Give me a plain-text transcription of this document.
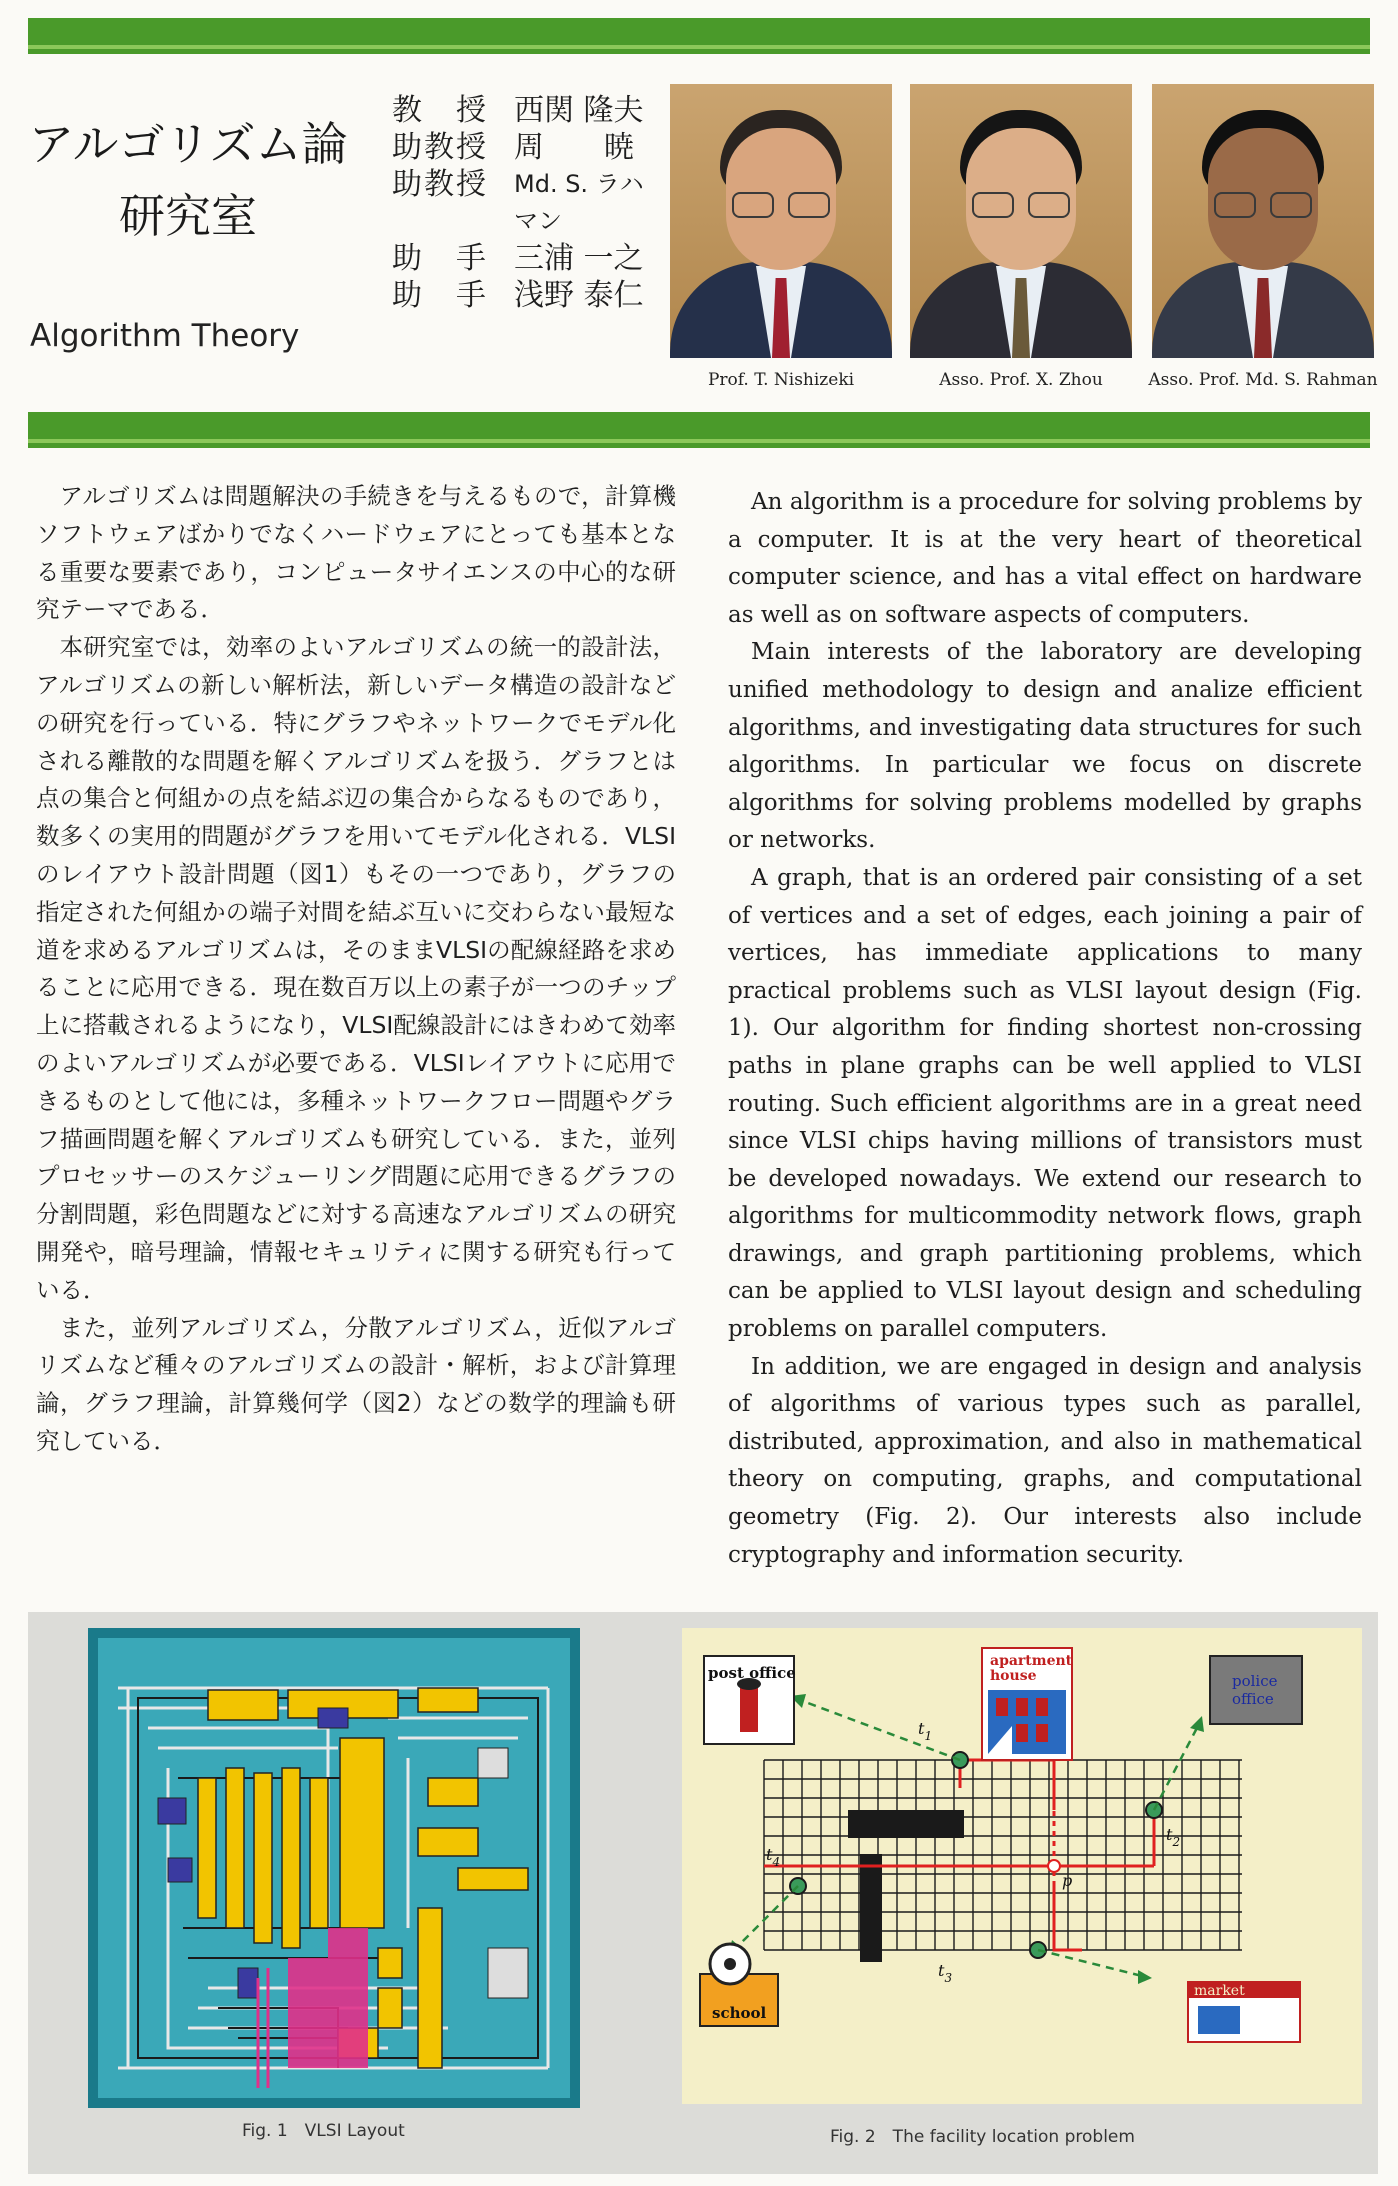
アルゴリズム論
研究室
Algorithm Theory
教　授 西関 隆夫
助教授 周　　暁
助教授	Md. S. ラハマン
助　手 三浦 一之
助　手 浅野 泰仁
Prof. T. Nishizeki	Asso. Prof. X. Zhou	Asso. Prof. Md. S. Rahman

アルゴリズムは問題解決の手続きを与えるもので，計算機ソフトウェアばかりでなくハードウェアにとっても基本となる重要な要素であり，コンピュータサイエンスの中心的な研究テーマである．

本研究室では，効率のよいアルゴリズムの統一的設計法，アルゴリズムの新しい解析法，新しいデータ構造の設計などの研究を行っている．特にグラフやネットワークでモデル化される離散的な問題を解くアルゴリズムを扱う．グラフとは点の集合と何組かの点を結ぶ辺の集合からなるものであり，数多くの実用的問題がグラフを用いてモデル化される．VLSIのレイアウト設計問題（図1）もその一つであり，グラフの指定された何組かの端子対間を結ぶ互いに交わらない最短な道を求めるアルゴリズムは，そのままVLSIの配線経路を求めることに応用できる．現在数百万以上の素子が一つのチップ上に搭載されるようになり，VLSI配線設計にはきわめて効率のよいアルゴリズムが必要である．VLSIレイアウトに応用できるものとして他には，多種ネットワークフロー問題やグラフ描画問題を解くアルゴリズムも研究している．また，並列プロセッサーのスケジューリング問題に応用できるグラフの分割問題，彩色問題などに対する高速なアルゴリズムの研究開発や，暗号理論，情報セキュリティに関する研究も行っている．

また，並列アルゴリズム，分散アルゴリズム，近似アルゴリズムなど種々のアルゴリズムの設計・解析，および計算理論，グラフ理論，計算幾何学（図2）などの数学的理論も研究している．

An algorithm is a procedure for solving problems by a computer. It is at the very heart of theoretical computer science, and has a vital effect on hardware as well as on software aspects of computers.

Main interests of the laboratory are developing unified methodology to design and analize efficient algorithms, and investigating data structures for such algorithms. In particular we focus on discrete algorithms for solving problems modelled by graphs or networks.

A graph, that is an ordered pair consisting of a set of vertices and a set of edges, each joining a pair of vertices, has immediate applications to many practical problems such as VLSI layout design (Fig. 1). Our algorithm for finding shortest non-crossing paths in plane graphs can be well applied to VLSI routing. Such efficient algorithms are in a great need since VLSI chips having millions of transistors must be developed nowadays. We extend our research to algorithms for multicommodity network flows, graph drawings, and graph partitioning problems, which can be applied to VLSI layout design and scheduling problems on parallel computers.

In addition, we are engaged in design and analysis of algorithms of various types such as parallel, distributed, approximation, and also in mathematical theory on computing, graphs, and computational geometry (Fig. 2). Our interests also include cryptography and information security.

Fig. 1　VLSI Layout
post office
apartment
house	police
office
school
market
$t_1$
$t_2$
$t_3$
$t_4$
p
Fig. 2　The facility location problem
